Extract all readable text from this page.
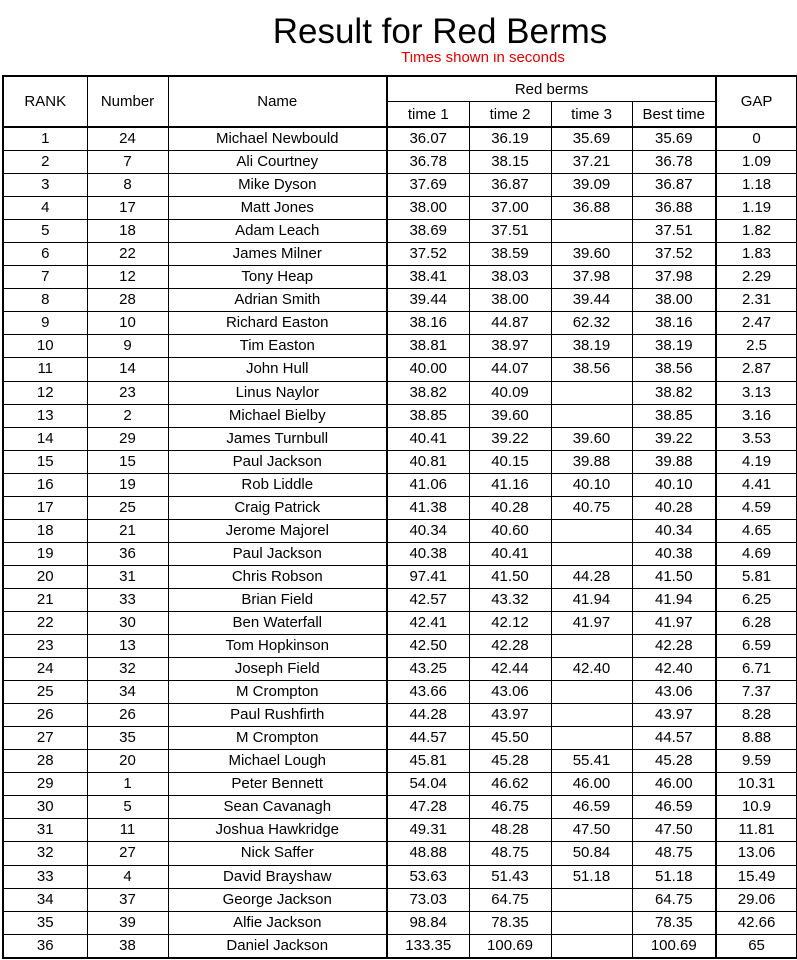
Result for Red Berms
Times shown in seconds
RANK	Number	Name	Red berms				GAP
			time 1	time 2	time 3	Best time	
1	24	Michael Newbould	36.07	36.19	35.69	35.69	0
2	7	Ali Courtney	36.78	38.15	37.21	36.78	1.09
3	8	Mike Dyson	37.69	36.87	39.09	36.87	1.18
4	17	Matt Jones	38.00	37.00	36.88	36.88	1.19
5	18	Adam Leach	38.69	37.51		37.51	1.82
6	22	James Milner	37.52	38.59	39.60	37.52	1.83
7	12	Tony Heap	38.41	38.03	37.98	37.98	2.29
8	28	Adrian Smith	39.44	38.00	39.44	38.00	2.31
9	10	Richard Easton	38.16	44.87	62.32	38.16	2.47
10	9	Tim Easton	38.81	38.97	38.19	38.19	2.5
11	14	John Hull	40.00	44.07	38.56	38.56	2.87
12	23	Linus Naylor	38.82	40.09		38.82	3.13
13	2	Michael Bielby	38.85	39.60		38.85	3.16
14	29	James Turnbull	40.41	39.22	39.60	39.22	3.53
15	15	Paul Jackson	40.81	40.15	39.88	39.88	4.19
16	19	Rob Liddle	41.06	41.16	40.10	40.10	4.41
17	25	Craig Patrick	41.38	40.28	40.75	40.28	4.59
18	21	Jerome Majorel	40.34	40.60		40.34	4.65
19	36	Paul Jackson	40.38	40.41		40.38	4.69
20	31	Chris Robson	97.41	41.50	44.28	41.50	5.81
21	33	Brian Field	42.57	43.32	41.94	41.94	6.25
22	30	Ben Waterfall	42.41	42.12	41.97	41.97	6.28
23	13	Tom Hopkinson	42.50	42.28		42.28	6.59
24	32	Joseph Field	43.25	42.44	42.40	42.40	6.71
25	34	M Crompton	43.66	43.06		43.06	7.37
26	26	Paul Rushfirth	44.28	43.97		43.97	8.28
27	35	M Crompton	44.57	45.50		44.57	8.88
28	20	Michael Lough	45.81	45.28	55.41	45.28	9.59
29	1	Peter Bennett	54.04	46.62	46.00	46.00	10.31
30	5	Sean Cavanagh	47.28	46.75	46.59	46.59	10.9
31	11	Joshua Hawkridge	49.31	48.28	47.50	47.50	11.81
32	27	Nick Saffer	48.88	48.75	50.84	48.75	13.06
33	4	David Brayshaw	53.63	51.43	51.18	51.18	15.49
34	37	George Jackson	73.03	64.75		64.75	29.06
35	39	Alfie Jackson	98.84	78.35		78.35	42.66
36	38	Daniel Jackson	133.35	100.69		100.69	65
